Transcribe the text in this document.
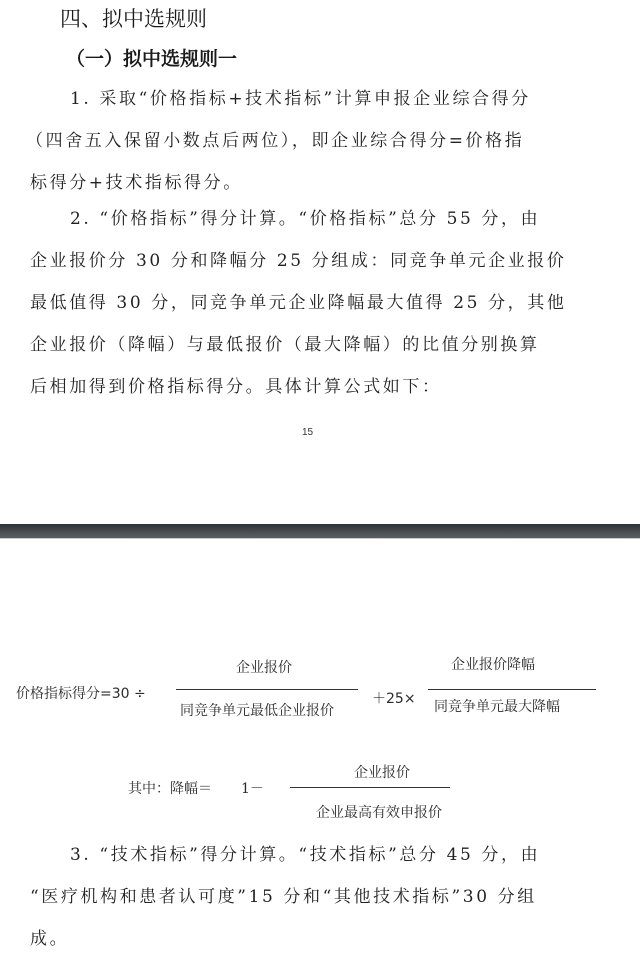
四、拟中选规则
（一）拟中选规则一
1. 采取“价格指标+技术指标”计算申报企业综合得分
（四舍五入保留小数点后两位），即企业综合得分=价格指
标得分+技术指标得分。
2. “价格指标”得分计算。“价格指标”总分 55 分，由
企业报价分 30 分和降幅分 25 分组成：同竞争单元企业报价
最低值得 30 分，同竞争单元企业降幅最大值得 25 分，其他
企业报价（降幅）与最低报价（最大降幅）的比值分别换算
后相加得到价格指标得分。具体计算公式如下：
15
价格指标得分=30 ÷
企业报价
同竞争单元最低企业报价
＋25×
企业报价降幅
同竞争单元最大降幅
其中：降幅＝ 1－
企业报价
企业最高有效申报价
3. “技术指标”得分计算。“技术指标”总分 45 分，由
“医疗机构和患者认可度”15 分和“其他技术指标”30 分组
成。
